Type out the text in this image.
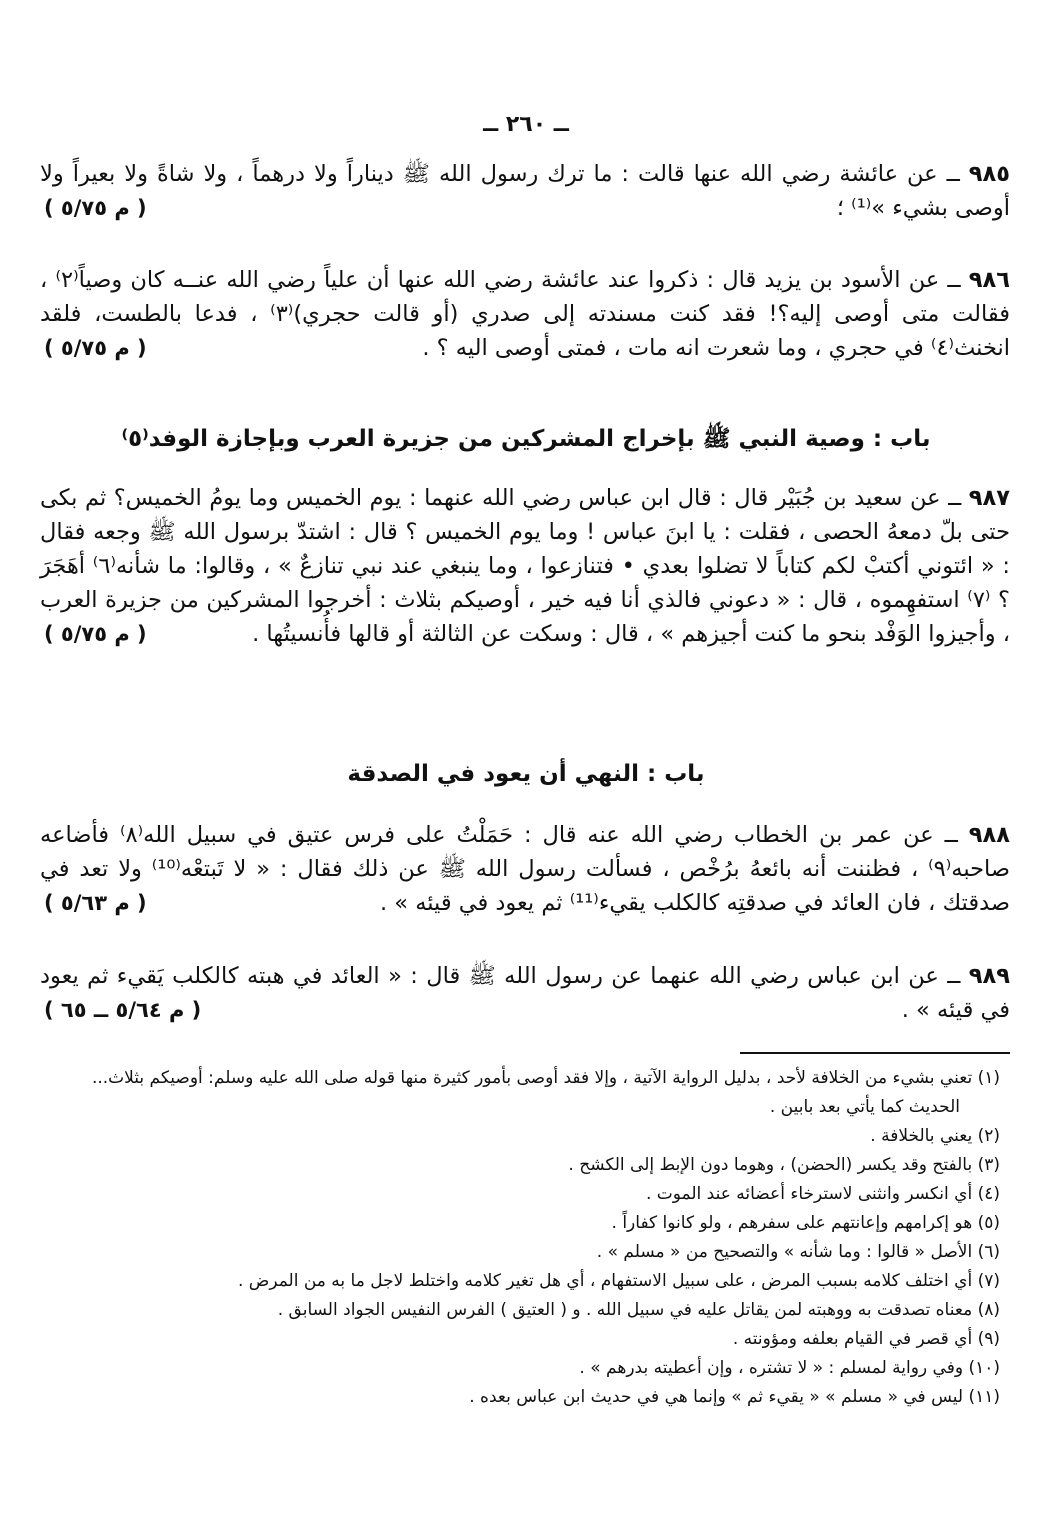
ــ ٢٦٠ ــ
٩٨٥ ــ عن عائشة رضي الله عنها قالت : ما ترك رسول الله ﷺ ديناراً ولا درهماً ، ولا شاةً ولا بعيراً ولا أوصى بشيء »⁽¹⁾ ؛
( م ٥/٧٥ )
٩٨٦ ــ عن الأسود بن يزيد قال : ذكروا عند عائشة رضي الله عنها أن علياً رضي الله عنــه كان وصياً⁽٢⁾ ، فقالت متى أوصى إليه؟! فقد كنت مسندته إلى صدري (أو قالت حجري)⁽٣⁾ ، فدعا بالطست، فلقد انخنث⁽٤⁾ في حجري ، وما شعرت انه مات ، فمتى أوصى اليه ؟ .
( م ٥/٧٥ )
باب : وصية النبي ﷺ بإخراج المشركين من جزيرة العرب وبإجازة الوفد⁽٥⁾
٩٨٧ ــ عن سعيد بن جُبَيْر قال : قال ابن عباس رضي الله عنهما : يوم الخميس وما يومُ الخميس؟ ثم بكى حتى بلّ دمعهُ الحصى ، فقلت : يا ابنَ عباس ! وما يوم الخميس ؟ قال : اشتدّ برسول الله ﷺ وجعه فقال : « ائتوني أكتبْ لكم كتاباً لا تضلوا بعدي • فتنازعوا ، وما ينبغي عند نبي تنازعٌ » ، وقالوا: ما شأنه⁽٦⁾ أهَجَرَ ؟ ⁽٧⁾ استفهِموه ، قال : « دعوني فالذي أنا فيه خير ، أوصيكم بثلاث : أخرجوا المشركين من جزيرة العرب ، وأجيزوا الوَفْد بنحو ما كنت أجيزهم » ، قال : وسكت عن الثالثة أو قالها فأُنسيتُها .
( م ٥/٧٥ )
باب : النهي أن يعود في الصدقة
٩٨٨ ــ عن عمر بن الخطاب رضي الله عنه قال : حَمَلْتُ على فرس عتيق في سبيل الله⁽٨⁾ فأضاعه صاحبه⁽٩⁾ ، فظننت أنه بائعهُ برُخْص ، فسألت رسول الله ﷺ عن ذلك فقال : « لا تَبتعْه⁽¹⁰⁾ ولا تعد في صدقتك ، فان العائد في صدقتِه كالكلب يقيء⁽¹¹⁾ ثم يعود في قيئه » .
( م ٥/٦٣ )
٩٨٩ ــ عن ابن عباس رضي الله عنهما عن رسول الله ﷺ قال : « العائد في هبته كالكلب يَقيء ثم يعود في قيئه » .
( م ٥/٦٤ ــ ٦٥ )
(١) تعني بشيء من الخلافة لأحد ، بدليل الرواية الآتية ، وإلا فقد أوصى بأمور كثيرة منها قوله صلى الله عليه وسلم: أوصيكم بثلاث...
الحديث كما يأتي بعد بابين .
(٢) يعني بالخلافة .
(٣) بالفتح وقد يكسر (الحضن) ، وهوما دون الإبط إلى الكشح .
(٤) أي انكسر وانثنى لاسترخاء أعضائه عند الموت .
(٥) هو إكرامهم وإعانتهم على سفرهم ، ولو كانوا كفاراً .
(٦) الأصل « قالوا : وما شأنه » والتصحيح من « مسلم » .
(٧) أي اختلف كلامه بسبب المرض ، على سبيل الاستفهام ، أي هل تغير كلامه واختلط لاجل ما به من المرض .
(٨) معناه تصدقت به ووهبته لمن يقاتل عليه في سبيل الله . و ( العتيق ) الفرس النفيس الجواد السابق .
(٩) أي قصر في القيام بعلفه ومؤونته .
(١٠) وفي رواية لمسلم : « لا تشتره ، وإن أعطيته بدرهم » .
(١١) ليس في « مسلم » « يقيء ثم » وإنما هي في حديث ابن عباس بعده .
